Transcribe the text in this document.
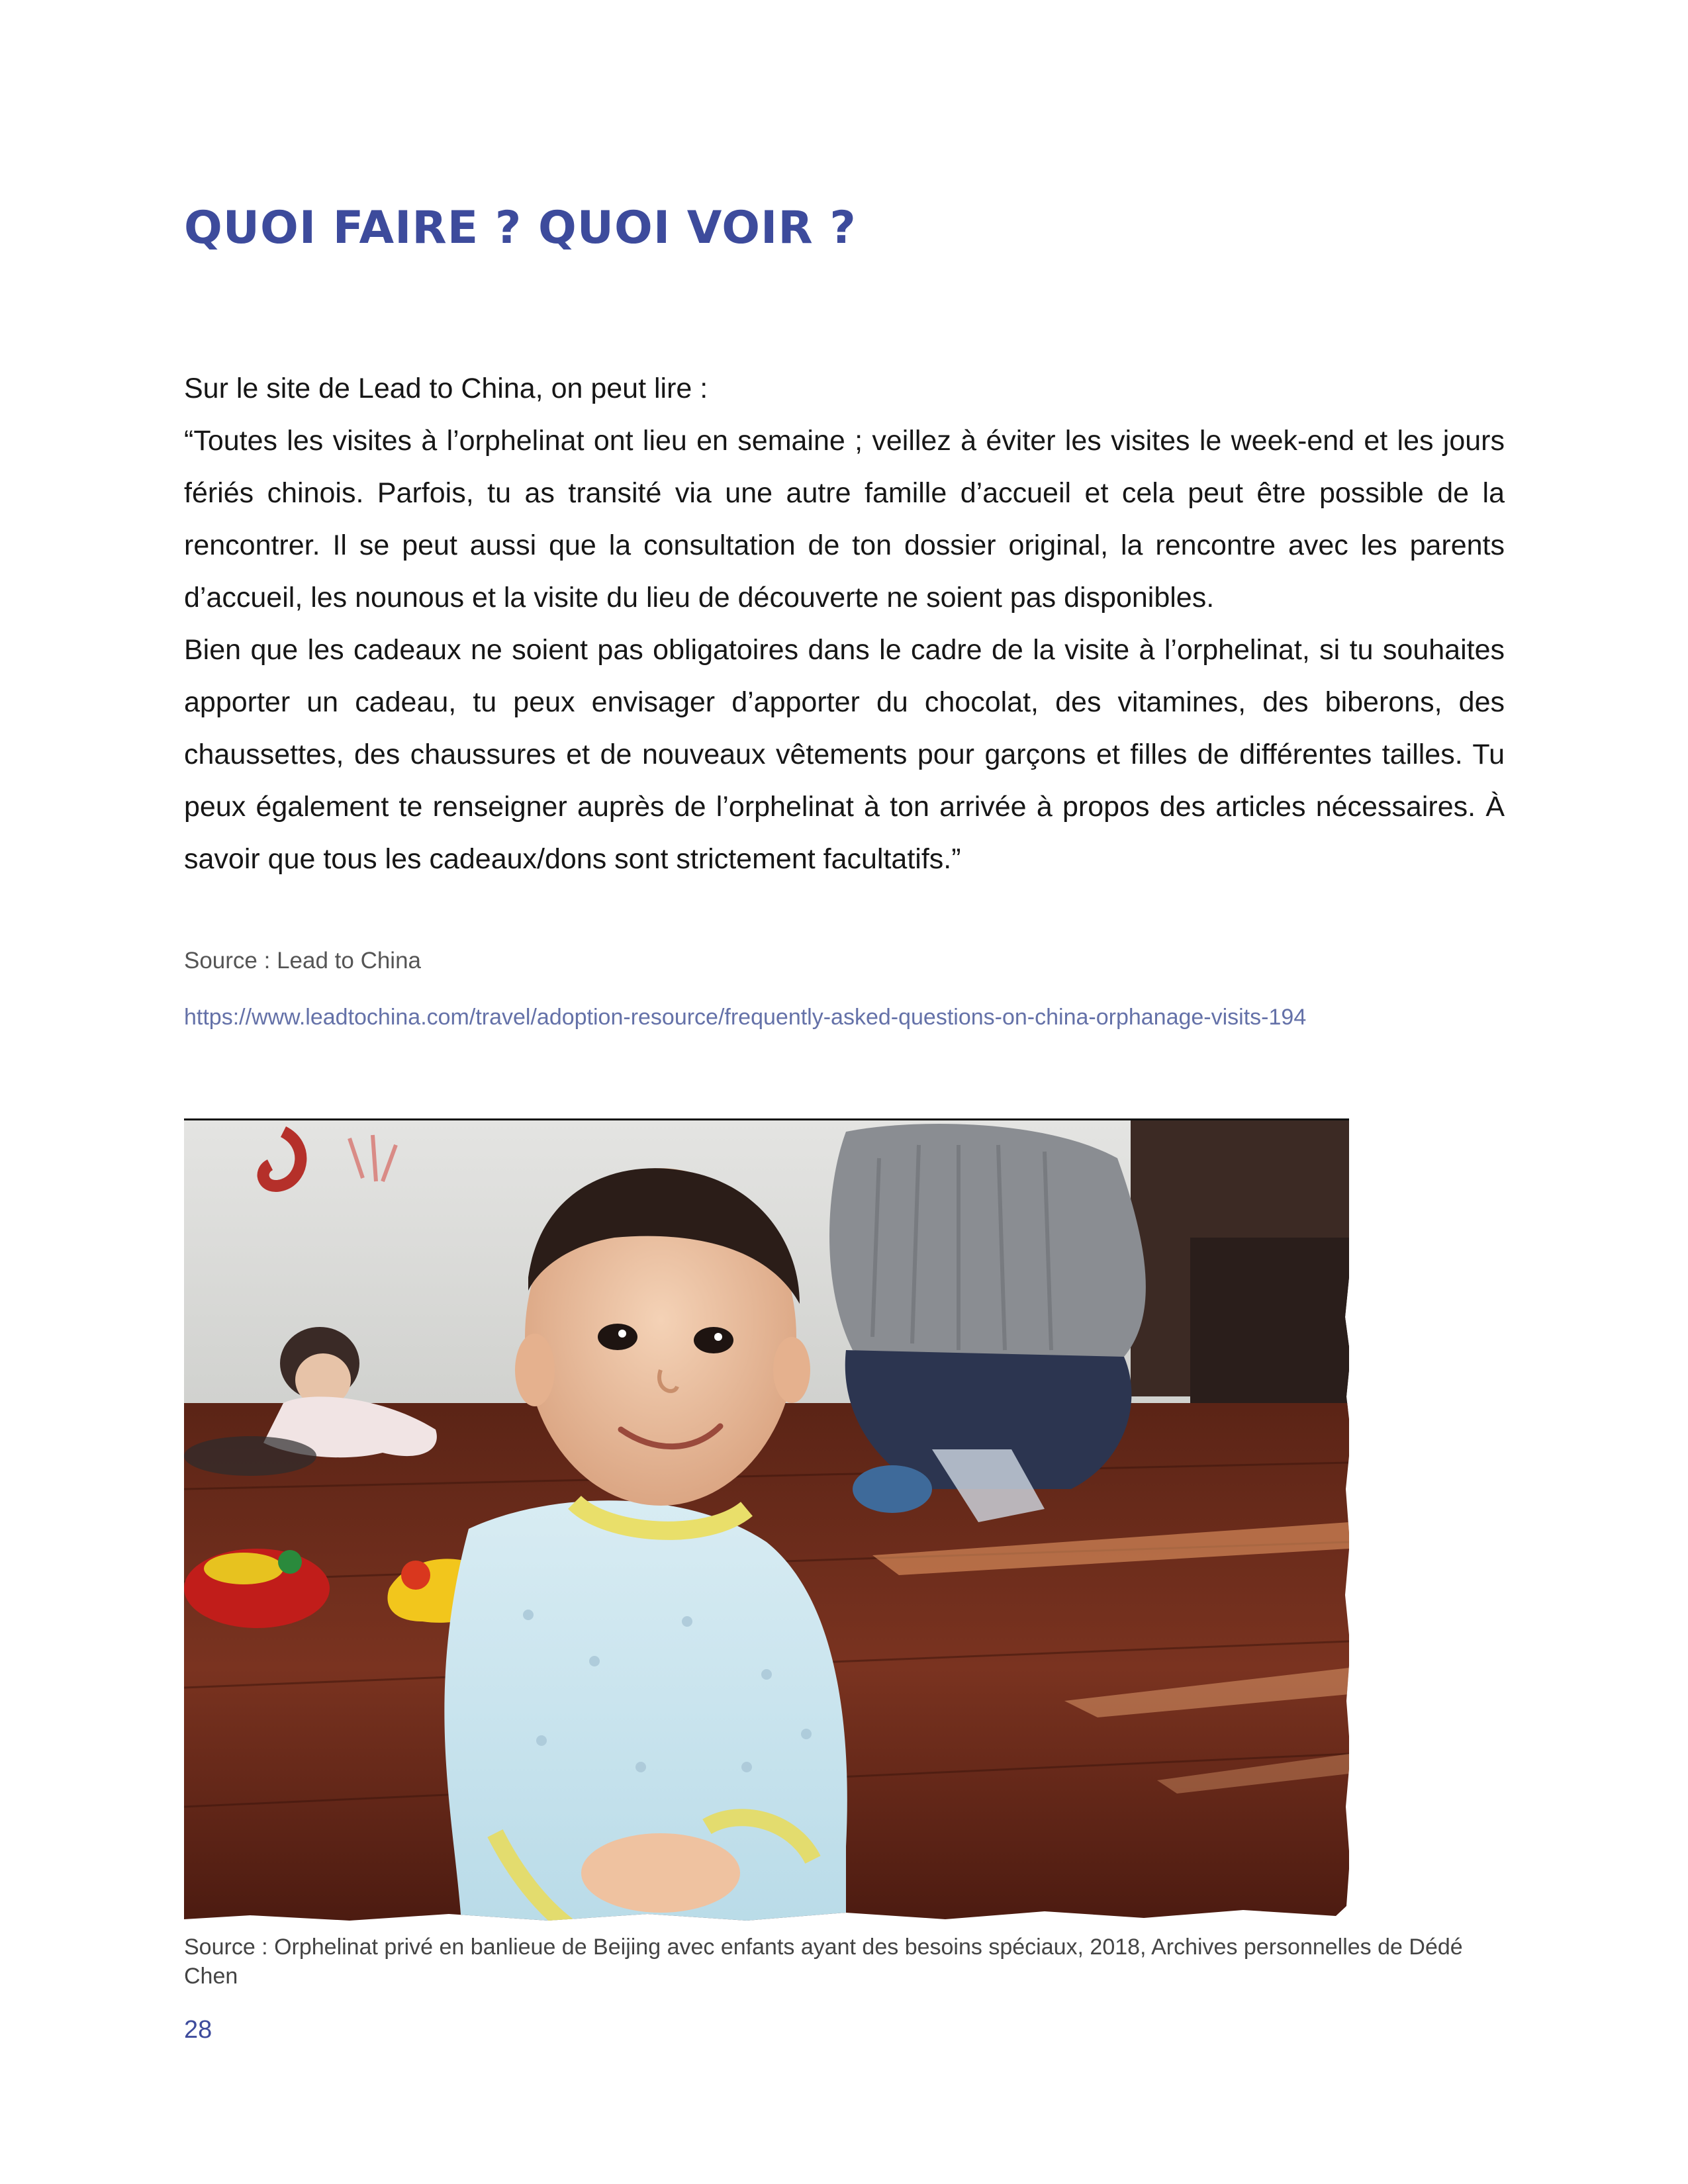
QUOI FAIRE ? QUOI VOIR ?

Sur le site de Lead to China, on peut lire :

“Toutes les visites à l’orphelinat ont lieu en semaine ; veillez à éviter les visites le week-end et les jours fériés chinois. Parfois, tu as transité via une autre famille d’accueil et cela peut être possible de la rencontrer. Il se peut aussi que la consultation de ton dossier original, la rencontre avec les parents d’accueil, les nounous et la visite du lieu de découverte ne soient pas disponibles.

Bien que les cadeaux ne soient pas obligatoires dans le cadre de la visite à l’orphelinat, si tu souhaites apporter un cadeau, tu peux envisager d’apporter du chocolat, des vitamines, des biberons, des chaussettes, des chaussures et de nouveaux vêtements pour garçons et filles de différentes tailles. Tu peux également te renseigner auprès de l’orphelinat à ton arrivée à propos des articles nécessaires. À savoir que tous les cadeaux/dons sont strictement facultatifs.”

Source : Lead to China
https://www.leadtochina.com/travel/adoption-resource/frequently-asked-questions-on-china-orphanage-visits-194
Source : Orphelinat privé en banlieue de Beijing avec enfants ayant des besoins spéciaux, 2018, Archives personnelles de Dédé Chen
28
